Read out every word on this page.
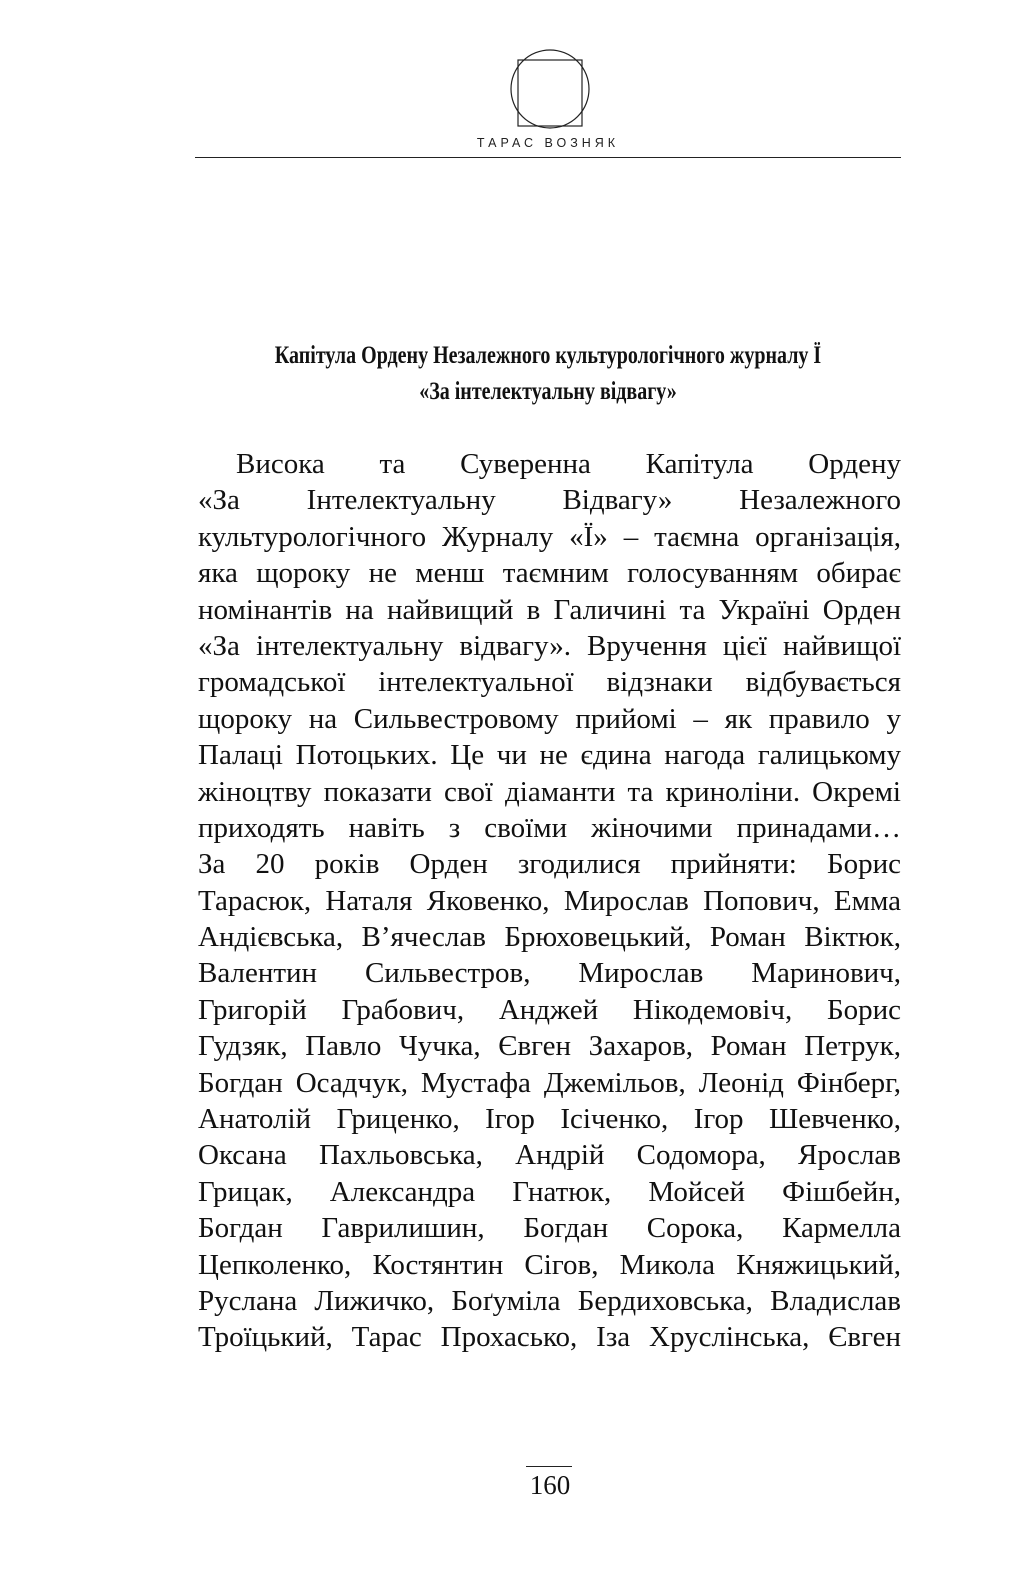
ТАРАС ВОЗНЯК
Капітула Ордену Незалежного культурологічного журналу Ї
«За інтелектуальну відвагу»
Висока та Суверенна Капітула Ордену
«За Інтелектуальну Відвагу» Незалежного
культурологічного Журналу «Ї» – таємна організація,
яка щороку не менш таємним голосуванням обирає
номінантів на найвищий в Галичині та Україні Орден
«За інтелектуальну відвагу». Вручення цієї найвищої
громадської інтелектуальної відзнаки відбувається
щороку на Сильвестровому прийомі – як правило у
Палаці Потоцьких. Це чи не єдина нагода галицькому
жіноцтву показати свої діаманти та криноліни. Окремі
приходять навіть з своїми жіночими принадами…
За 20 років Орден згодилися прийняти: Борис
Тарасюк, Наталя Яковенко, Мирослав Попович, Емма
Андієвська, В’ячеслав Брюховецький, Роман Віктюк,
Валентин Сильвестров, Мирослав Маринович,
Григорій Грабович, Анджей Нікодемовіч, Борис
Гудзяк, Павло Чучка, Євген Захаров, Роман Петрук,
Богдан Осадчук, Мустафа Джемільов, Леонід Фінберг,
Анатолій Гриценко, Ігор Ісіченко, Ігор Шевченко,
Оксана Пахльовська, Андрій Содомора, Ярослав
Грицак, Александра Гнатюк, Мойсей Фішбейн,
Богдан Гаврилишин, Богдан Сорока, Кармелла
Цепколенко, Костянтин Сігов, Микола Княжицький,
Руслана Лижичко, Боґуміла Бердиховська, Владислав
Троїцький, Тарас Прохасько, Іза Хруслінська, Євген
160
